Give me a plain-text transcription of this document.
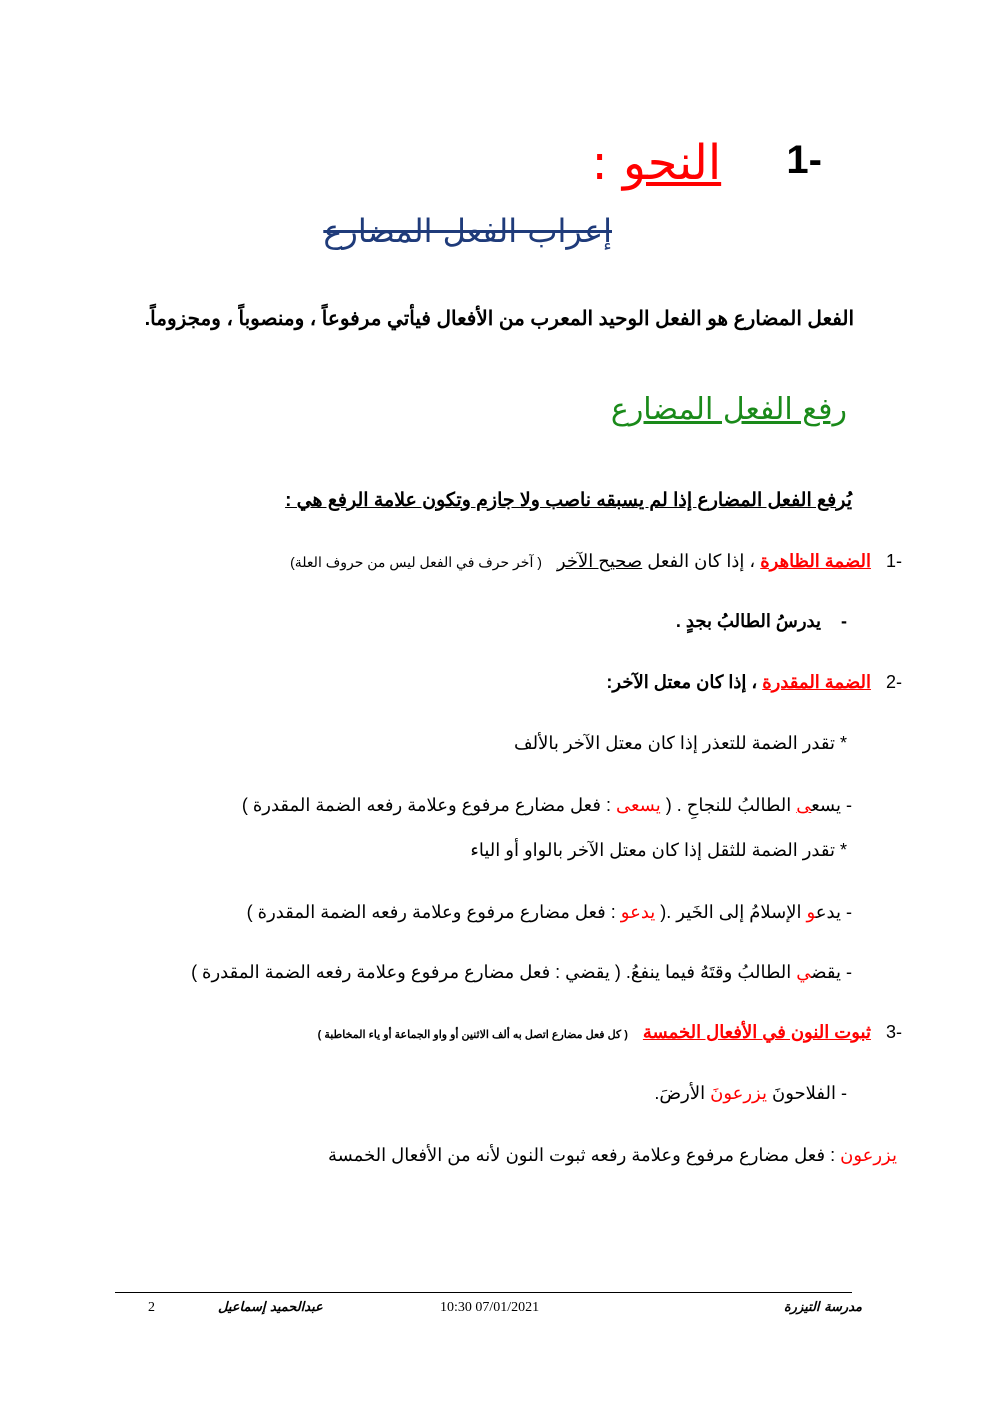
-1 النحو :
إعراب الفعل المضارع
الفعل المضارع هو الفعل الوحيد المعرب من الأفعال فيأتي مرفوعاً ، ومنصوباً ، ومجزوماً.
رفع الفعل المضارع
يُرفع الفعل المضارع إذا لم يسبقه ناصب ولا جازم وتكون علامة الرفع هي :
-1   الضمة الظاهرة ، إذا كان الفعل صحيح الآخر   ( آخر حرف في الفعل ليس من حروف العلة)
-    يدرسُ الطالبُ بجدٍ .
-2   الضمة المقدرة ، إذا كان معتل الآخر:
* تقدر الضمة للتعذر إذا كان معتل الآخر بالألف
- يسعى الطالبُ للنجاحِ . ( يسعى : فعل مضارع مرفوع وعلامة رفعه الضمة المقدرة )
* تقدر الضمة للثقل إذا كان معتل الآخر بالواو أو الياء
- يدعو الإسلامُ إلى الخَير .( يدعو : فعل مضارع مرفوع وعلامة رفعه الضمة المقدرة )
- يقضي الطالبُ وقتَهُ فيما ينفعُ. ( يقضي : فعل مضارع مرفوع وعلامة رفعه الضمة المقدرة )
-3   ثبوت النون في الأفعال الخمسة   ( كل فعل مضارع اتصل به ألف الاثنين أو واو الجماعة أو ياء المخاطبة )
- الفلاحونَ يزرعونَ الأرضَ.
يزرعون : فعل مضارع مرفوع وعلامة رفعه ثبوت النون لأنه من الأفعال الخمسة
مدرسة التيزرة
10:30 07/01/2021
عبدالحميد إسماعيل
2
